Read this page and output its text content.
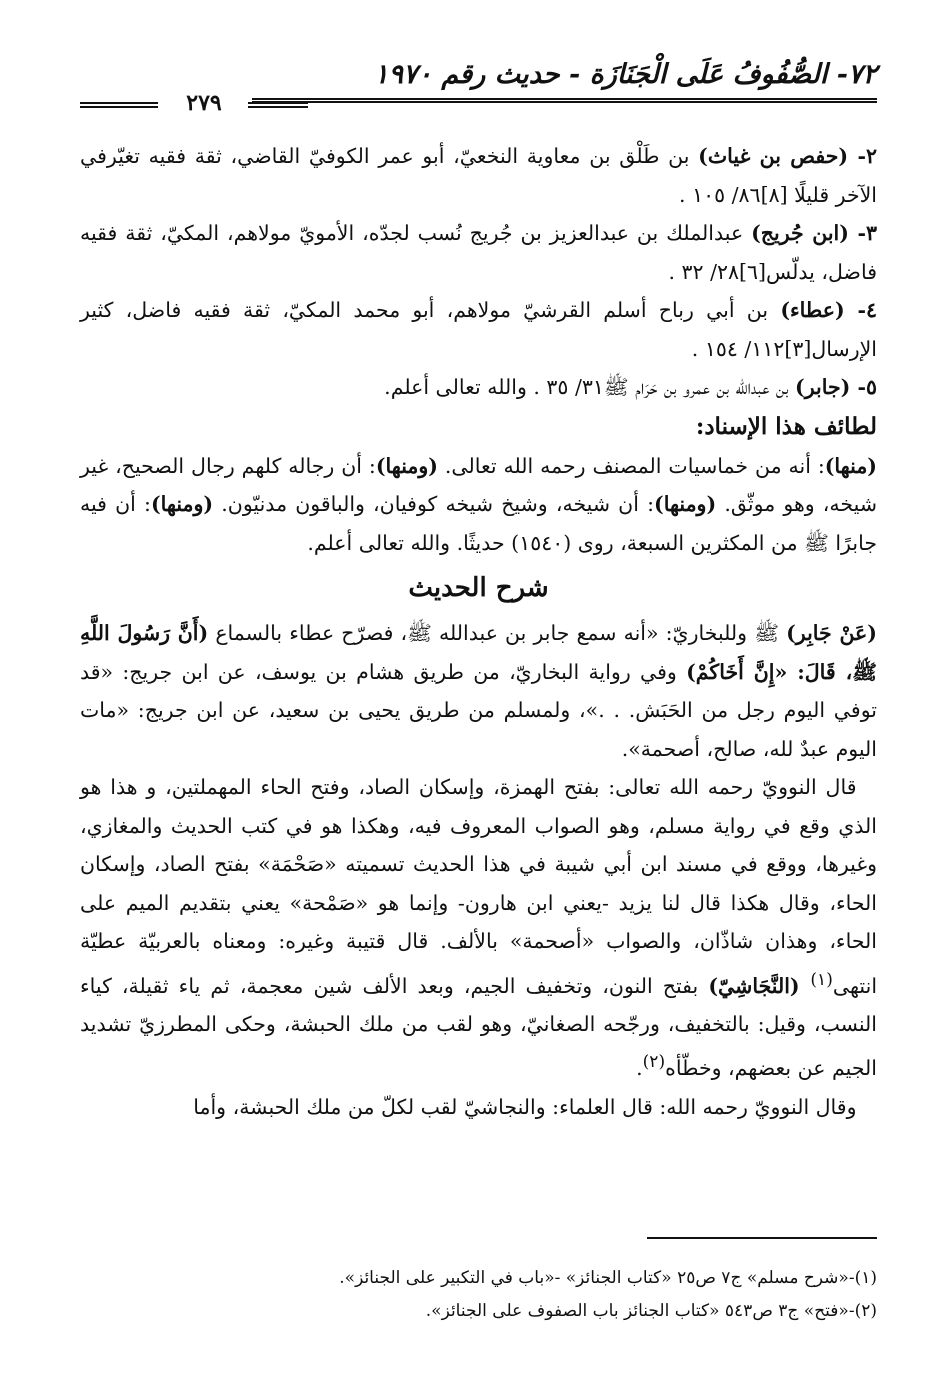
٧٢- الصُّفُوفُ عَلَى الْجَنَازَة - حديث رقم ١٩٧٠
٢٧٩

٢- (حفص بن غياث) بن طَلْق بن معاوية النخعيّ، أبو عمر الكوفيّ القاضي، ثقة فقيه تغيّرفي الآخر قليلًا [٨]٨٦/ ١٠٥ .

٣- (ابن جُريج) عبدالملك بن عبدالعزيز بن جُريج نُسب لجدّه، الأمويّ مولاهم، المكيّ، ثقة فقيه فاضل، يدلّس[٦]٢٨/ ٣٢ .

٤- (عطاء) بن أبي رباح أسلم القرشيّ مولاهم، أبو محمد المكيّ، ثقة فقيه فاضل، كثير الإرسال[٣]١١٢/ ١٥٤ .

٥- (جابر) بن عبدالله بن عمرو بن حَرَام ﷺ٣١/ ٣٥ . والله تعالى أعلم.

لطائف هذا الإسناد:

(منها): أنه من خماسيات المصنف رحمه الله تعالى. (ومنها): أن رجاله كلهم رجال الصحيح، غير شيخه، وهو موثّق. (ومنها): أن شيخه، وشيخ شيخه كوفيان، والباقون مدنيّون. (ومنها): أن فيه جابرًا ﷺ من المكثرين السبعة، روى (١٥٤٠) حديثًا. والله تعالى أعلم.

شرح الحديث

(عَنْ جَابِر) ﷺ وللبخاريّ: «أنه سمع جابر بن عبدالله ﷺ، فصرّح عطاء بالسماع (أَنَّ رَسُولَ اللَّهِ ﷺ، قَالَ: «إِنَّ أَخَاكُمْ) وفي رواية البخاريّ، من طريق هشام بن يوسف، عن ابن جريج: «قد توفي اليوم رجل من الحَبَش. . .»، ولمسلم من طريق يحيى بن سعيد، عن ابن جريج: «مات اليوم عبدٌ لله، صالح، أصحمة».

 قال النوويّ رحمه الله تعالى: بفتح الهمزة، وإسكان الصاد، وفتح الحاء المهملتين، و هذا هو الذي وقع في رواية مسلم، وهو الصواب المعروف فيه، وهكذا هو في كتب الحديث والمغازي، وغيرها، ووقع في مسند ابن أبي شيبة في هذا الحديث تسميته «صَحْمَة» بفتح الصاد، وإسكان الحاء، وقال هكذا قال لنا يزيد -يعني ابن هارون- وإنما هو «صَمْحة» يعني بتقديم الميم على الحاء، وهذان شاذّان، والصواب «أصحمة» بالألف. قال قتيبة وغيره: ومعناه بالعربيّة عطيّة انتهى$^{(١)}$ (النَّجَاشِيّ) بفتح النون، وتخفيف الجيم، وبعد الألف شين معجمة، ثم ياء ثقيلة، كياء النسب، وقيل: بالتخفيف، ورجّحه الصغانيّ، وهو لقب من ملك الحبشة، وحكى المطرزيّ تشديد الجيم عن بعضهم، وخطّأه$^{(٢)}$.

 وقال النوويّ رحمه الله: قال العلماء: والنجاشيّ لقب لكلّ من ملك الحبشة، وأما

(١)-«شرح مسلم» ج٧ ص٢٥ «كتاب الجنائز» -«باب في التكبير على الجنائز».

(٢)-«فتح» ج٣ ص٥٤٣ «كتاب الجنائز باب الصفوف على الجنائز».
